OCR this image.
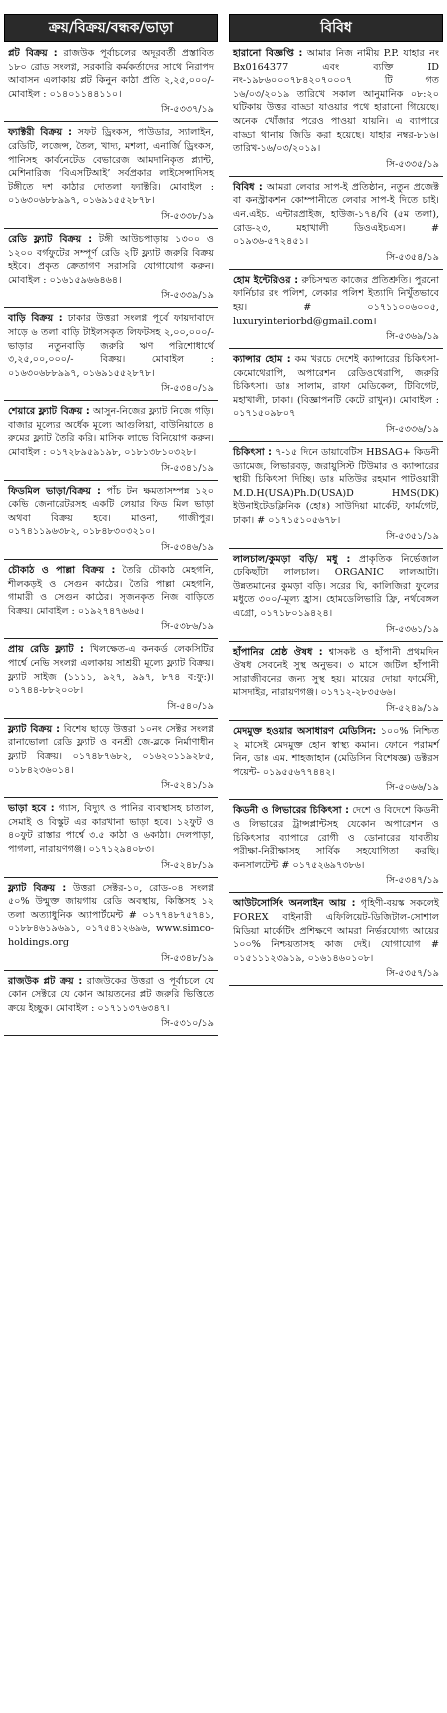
ক্রয়/বিক্রয়/বন্ধক/ভাড়া

প্লট বিক্রয় : রাজউক পূর্বাচলের অদূরবর্তী প্রস্তাবিত ১৮০ রোড সংলগ্ন, সরকারি কর্মকর্তাদের সাথে নিরাপদ আবাসন এলাকায় প্লট কিনুন কাঠা প্রতি ২,২৫,০০০/- মোবাইল : ০১৪০১১৪৪১১০।

সি-৫৩৩৭/১৯

ফ্যাক্টরী বিক্রয় : সফট ড্রিংকস, পাউডার, স্যালাইন, রেডিটি, লজেন্স, তৈল, খাদ্য, মশলা, এনার্জি ড্রিংকস, পানিসহ কার্বনেটেড বেভারেজ আমদানিকৃত প্ল্যান্ট, মেশিনারিজ ‘বিএসটিআই’ সর্বপ্রকার লাইসেন্সাদিসহ টঙ্গীতে দশ কাঠার দোতলা ফ্যাক্টরি। মোবাইল : ০১৬৩০৬৮৮৯৯৭, ০১৬৯১৫৫২৮৭৮।

সি-৫৩৩৮/১৯

রেডি ফ্ল্যাট বিক্রয় : টঙ্গী আউচপাড়ায় ১৩০০ ও ১২০০ বর্গফুটের সম্পূর্ণ রেডি ২টি ফ্ল্যাট জরুরি বিক্রয় হইবে। প্রকৃত ক্রেতাগণ সরাসরি যোগাযোগ করুন। মোবাইল : ০১৬১৫৯৬৬৪৬৪।

সি-৫৩৩৯/১৯

বাড়ি বিক্রয় : ঢাকার উত্তরা সংলগ্ন পূর্বে ফায়দাবাদে সাড়ে ৬ তলা বাড়ি টাইলসকৃত লিফটসহ ২,০০,০০০/- ভাড়ার নতুনবাড়ি জরুরি ঋণ পরিশোধার্থে ৩,২৫,০০,০০০/- বিক্রয়। মোবাইল : ০১৬৩০৬৮৮৯৯৭, ০১৬৯১৫৫২৮৭৮।

সি-৫৩৪০/১৯

শেয়ারে ফ্ল্যাট বিক্রয় : আসুন-নিজের ফ্ল্যাট নিজে গড়ি। বাজার মূল্যের অর্ধেক মূল্যে আগুলিয়া, বাউনিয়াতে ৪ রুমের ফ্ল্যাট তৈরি করি। মাসিক লাভে বিনিয়োগ করুন। মোবাইল : ০১৭২৮৯৫৯১৯৮, ০১৮১৩৮১০৩২৮।

সি-৫৩৪১/১৯

ফিডমিল ভাড়া/বিক্রয় : পাঁচ টন ক্ষমতাসম্পন্ন ১২০ কেভি জেনারেটরসহ একটি লেয়ার ফিড মিল ভাড়া অথবা বিক্রয় হবে। মাওনা, গাজীপুর। ০১৭৪১১৯৬৩৮২, ০১৮৪৮৩০৩২১০।

সি-৫৩৪৬/১৯

চৌকাঠ ও পাল্লা বিক্রয় : তৈরি চৌকাঠ মেহগনি, শীলকড়ই ও সেগুন কাঠের। তৈরি পাল্লা মেহগনি, গামারী ও সেগুন কাঠের। সৃজনকৃত নিজ বাড়িতে বিক্রয়। মোবাইল : ০১৯২৭৪৭৬৬৫।

সি-৫৩৮৬/১৯

প্রায় রেডি ফ্ল্যাট : খিলক্ষেত-এ কনকর্ড লেকসিটির পার্শ্বে নেভি সংলগ্ন এলাকায় সাশ্রয়ী মূল্যে ফ্ল্যাট বিক্রয়। ফ্ল্যাট সাইজ (১১১১, ৯২৭, ৯৯৭, ৮৭৪ ব:ফু:)। ০১৭৪৪-৮৮২০০৮।

সি-৫৪০/১৯

ফ্ল্যাট বিক্রয় : বিশেষ ছাড়ে উত্তরা ১০নং সেক্টর সংলগ্ন রানাভোলা রেডি ফ্ল্যাট ও বনশ্রী জে-ব্লকে নির্মাণাধীন ফ্ল্যাট বিক্রয়। ০১৭৪৮৭৬৮২, ০১৬২০১১৯২৮৫, ০১৮৪২৩৬০১৪।

সি-৫২৪১/১৯

ভাড়া হবে : গ্যাস, বিদ্যুৎ ও পানির ব্যবস্থাসহ চাতাল, সেমাই ও বিস্কুট এর কারখানা ভাড়া হবে। ১২ফুট ও ৪০ফুট রাস্তার পার্শ্বে ৩.৫ কাঠা ও ৬কাঠা। দেলপাড়া, পাগলা, নারায়ণগঞ্জ। ০১৭১২৯৪০৮৩।

সি-৫২৪৮/১৯

ফ্ল্যাট বিক্রয় : উত্তরা সেক্টর-১০, রোড-০৪ সংলগ্ন ৫০% উন্মুক্ত জায়গায় রেডি অবস্থায়, কিস্তিসহ ১২ তলা অত্যাধুনিক অ্যাপার্টমেন্ট # ০১৭৭৪৮৭৫৭৪১, ০১৮৮৪৬১৯৬৯১, ০১৭৫৪১২৬৯৬, www.simco-holdings.org

সি-৫৩৪৮/১৯

রাজউক প্লট ক্রয় : রাজউকের উত্তরা ও পূর্বাচলে যে কোন সেক্টরে যে কোন আয়তনের প্লট জরুরি ভিত্তিতে ক্রয়ে ইচ্ছুক। মোবাইল : ০১৭১১৩৭৬৩৪৭।

সি-৫৩১০/১৯
বিবিধ

হারানো বিজ্ঞপ্তি : আমার নিজ নামীয় P.P. যাহার নং Bx0164377 এবং ব্যক্তি ID নং-১৯৮৬০০০৭৮৪২০৭০০০৭ টি গত ১৬/০৩/২০১৯ তারিখে সকাল আনুমানিক ০৮:২০ ঘটিকায় উত্তর বাড্ডা যাওয়ার পথে হারানো গিয়েছে। অনেক খোঁজার পরেও পাওয়া যায়নি। এ ব্যাপারে বাড্ডা থানায় জিডি করা হয়েছে। যাহার নম্বর-৮১৬। তারিখ-১৬/০৩/২০১৯।

সি-৫৩৩৫/১৯

বিবিধ : আমরা লেবার সাপ-ই প্রতিষ্ঠান, নতুন প্রজেক্ট বা কনস্ট্রাকশন কোম্পানীতে লেবার সাপ-ই দিতে চাই। এন.এইচ. এন্টারপ্রাইজ, হাউজ-১৭৪/বি (৫ম তলা), রোড-২৩, মহাখালী ডিওএইচএস। # ০১৯৩৬-৫৭২৪৫১।

সি-৫৩৫৪/১৯

হোম ইন্টেরিওর : রুচিসম্মত কাজের প্রতিশ্রুতি। পুরনো ফার্নিচার রং পলিশ, লেকার পলিশ ইত্যাদি নিখুঁতভাবে হয়। # ০১৭১১০০৬০০৫, luxuryinteriorbd@gmail.com।

সি-৫৩৬৯/১৯

ক্যান্সার হোম : কম খরচে দেশেই ক্যান্সারের চিকিৎসা-কেমোথেরাপি, অপারেশন রেডিওথেরাপি, জরুরি চিকিৎসা। ডাঃ সালাম, রাফা মেডিকেল, টিবিগেট, মহাখালী, ঢাকা। (বিজ্ঞাপনটি কেটে রাখুন)। মোবাইল : ০১৭১৫০৯৮০৭

সি-৫৩৩৬/১৯

চিকিৎসা : ৭-১৫ দিনে ডায়াবেটিস HBSAG+ কিডনী ড্যামেজ, লিভারবড়, জরায়ুসিস্ট টিউমার ও ক্যান্সারের স্থায়ী চিকিৎসা দিচ্ছি। ডাঃ মতিউর রহমান পাটওয়ারী M.D.H(USA)Ph.D(USA)D HMS(DK) ইউনাইটেডক্লিনিক (হোঃ) সাউদিয়া মার্কেট, ফার্মগেট, ঢাকা। # ০১৭১৫১০৫৬৭৮।

সি-৫৩৫১/১৯

লালচাল/কুমড়া বড়ি/ মধু : প্রাকৃতিক নির্ভেজাল ঢেকিছাঁটা লালচাল। ORGANIC লালআটা। উন্নতমানের কুমড়া বড়ি। সরের ঘি, কালিজিরা ফুলের মধুতে ৩০০/-মূল্য হ্রাস। হোমডেলিভারি ফ্রি, নর্থবেঙ্গল এগ্রো, ০১৭১৮০১৯৪২৪।

সি-৫৩৬১/১৯

হাঁপানির শ্রেষ্ঠ ঔষধ : শ্বাসকষ্ট ও হাঁপানী প্রথমদিন ঔষধ সেবনেই সুস্থ অনুভব। ৩ মাসে জটিল হাঁপানী সারাজীবনের জন্য সুস্থ হয়। মায়ের দোয়া ফার্মেসী, মাসদাইর, নারায়ণগঞ্জ। ০১৭১২-২৮৩৫৬৬।

সি-৫২৪৯/১৯

মেদমুক্ত হওয়ার অসাধারণ মেডিসিন: ১০০% নিশ্চিত ২ মাসেই মেদমুক্ত হোন স্বাস্থ্য কমান। ফোনে পরামর্শ নিন, ডাঃ এম. শাহজাহান (মেডিসিন বিশেষজ্ঞ) ডক্টরস পয়েন্ট- ০১৯৫৫৬৭৭৪৪২।

সি-৫০৬৬/১৯

কিডনী ও লিভারের চিকিৎসা : দেশে ও বিদেশে কিডনী ও লিভারের ট্রান্সপ্লান্টসহ যেকোন অপারেশন ও চিকিৎসার ব্যাপারে রোগী ও ডোনারের যাবতীয় পরীক্ষা-নিরীক্ষাসহ সার্বিক সহযোগিতা করছি। কনসালটেন্ট # ০১৭৫২৬৯৭৩৮৬।

সি-৫৩৪৭/১৯

আউটসোর্সিং অনলাইন আয় : গৃহিণী-বয়স্ক সকলেই FOREX বাইনারী এফিলিয়েট-ডিজিটাল-সোশাল মিডিয়া মার্কেটিং প্রশিক্ষণে আমরা নির্ভরযোগ্য আয়ের ১০০% নিশ্চয়তাসহ কাজ দেই। যোগাযোগ # ০১৫১১১২৩৯১৯, ০১৬১৪৬০১০৮।

সি-৫৩৫৭/১৯
